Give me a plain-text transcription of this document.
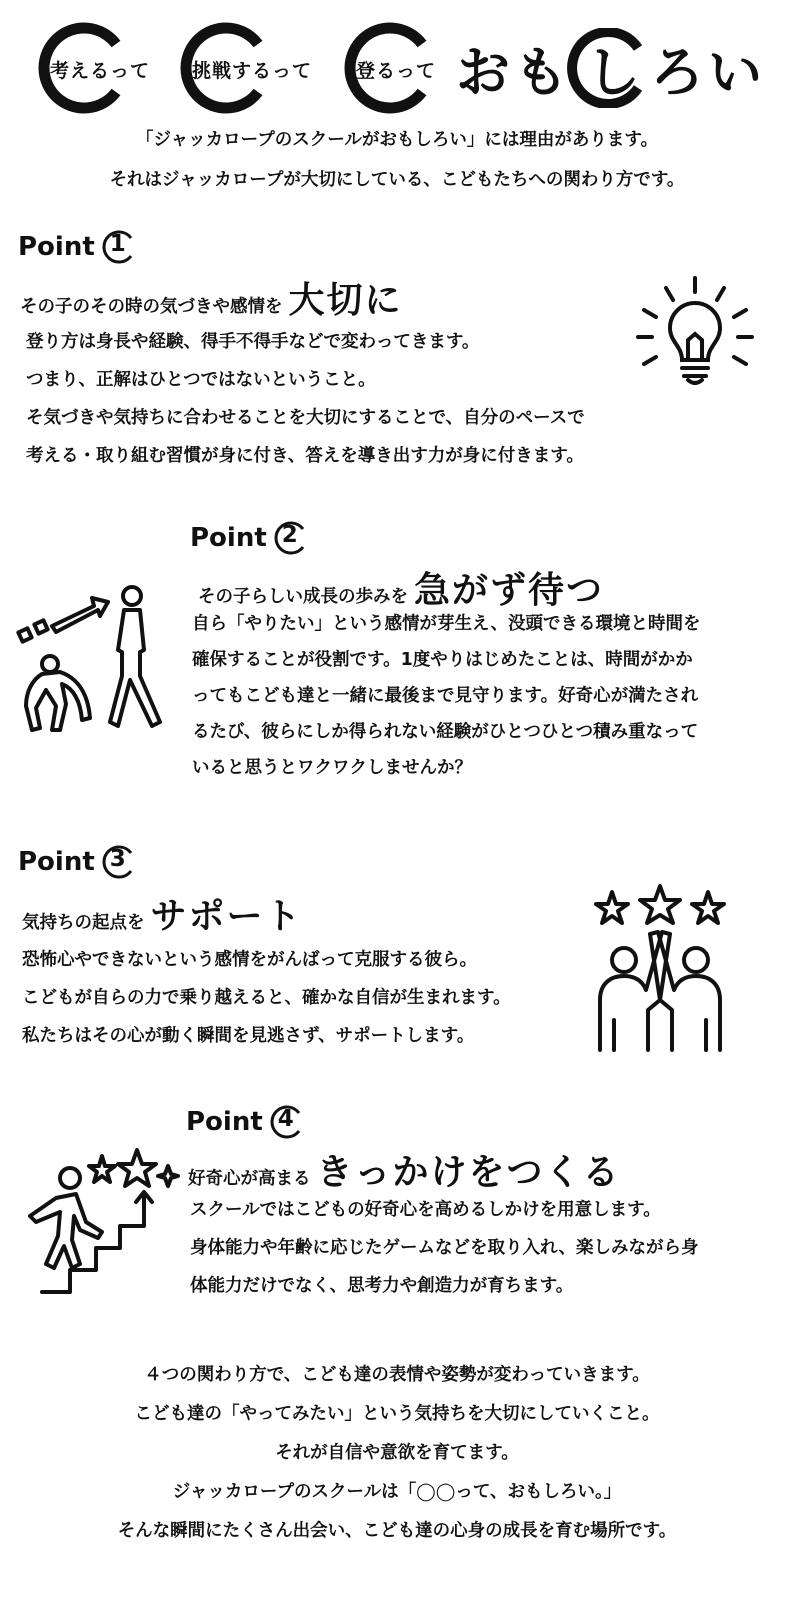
考えるって 挑戦するって 登るって おも し ろい
「ジャッカロープのスクールがおもしろい」には理由があります。
それはジャッカロープが大切にしている、こどもたちへの関わり方です。
Point 1
その子のその時の気づきや感情を 大切に

登り方は身長や経験、得手不得手などで変わってきます。

つまり、正解はひとつではないということ。

そ気づきや気持ちに合わせることを大切にすることで、自分のペースで

考える・取り組む習慣が身に付き、答えを導き出す力が身に付きます。

Point 2
その子らしい成長の歩みを 急がず待つ

自ら「やりたい」という感情が芽生え、没頭できる環境と時間を

確保することが役割です。1度やりはじめたことは、時間がかか

ってもこども達と一緒に最後まで見守ります。好奇心が満たされ

るたび、彼らにしか得られない経験がひとつひとつ積み重なって

いると思うとワクワクしませんか？

Point 3
気持ちの起点を サポート

恐怖心やできないという感情をがんばって克服する彼ら。

こどもが自らの力で乗り越えると、確かな自信が生まれます。

私たちはその心が動く瞬間を見逃さず、サポートします。

Point 4
好奇心が高まる きっかけをつくる

スクールではこどもの好奇心を高めるしかけを用意します。

身体能力や年齢に応じたゲームなどを取り入れ、楽しみながら身

体能力だけでなく、思考力や創造力が育ちます。

４つの関わり方で、こども達の表情や姿勢が変わっていきます。

こども達の「やってみたい」という気持ちを大切にしていくこと。

それが自信や意欲を育てます。

ジャッカロープのスクールは「◯◯って、おもしろい。」

そんな瞬間にたくさん出会い、こども達の心身の成長を育む場所です。
